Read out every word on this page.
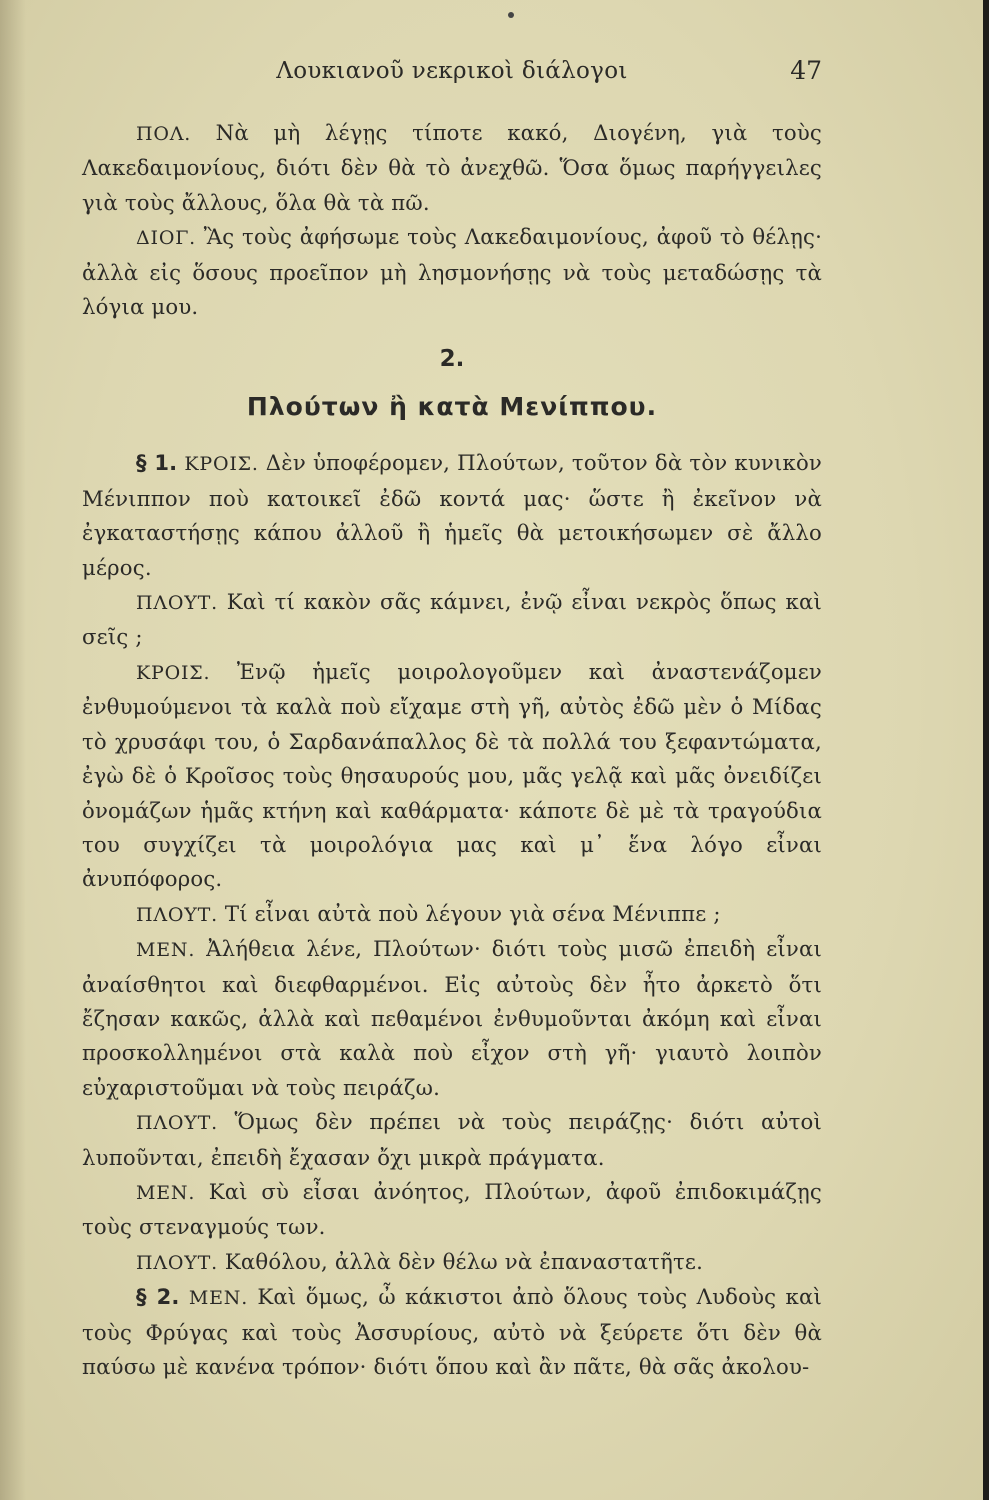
Λουκιανοῦ νεκρικοὶ διάλογοι	47

ΠΟΛ. Νὰ μὴ λέγῃς τίποτε κακό, Διογένη, γιὰ τοὺς Λακεδαιμονίους, διότι δὲν θὰ τὸ ἀνεχθῶ. Ὅσα ὅμως παρήγγειλες γιὰ τοὺς ἄλλους, ὅλα θὰ τὰ πῶ.

ΔΙΟΓ. Ἂς τοὺς ἀφήσωμε τοὺς Λακεδαιμονίους, ἀφοῦ τὸ θέλῃς· ἀλλὰ εἰς ὅσους προεῖπον μὴ λησμονήσῃς νὰ τοὺς μεταδώσῃς τὰ λόγια μου.

2.
Πλούτων ἢ κατὰ Μενίππου.

§ 1. ΚΡΟΙΣ. Δὲν ὑποφέρομεν, Πλούτων, τοῦτον δὰ τὸν κυνικὸν Μένιππον ποὺ κατοικεῖ ἐδῶ κοντά μας· ὥστε ἢ ἐκεῖνον νὰ ἐγκαταστήσῃς κάπου ἀλλοῦ ἢ ἡμεῖς θὰ μετοικήσωμεν σὲ ἄλλο μέρος.

ΠΛΟΥΤ. Καὶ τί κακὸν σᾶς κάμνει, ἐνῷ εἶναι νεκρὸς ὅπως καὶ σεῖς ;

ΚΡΟΙΣ. Ἐνῷ ἡμεῖς μοιρολογοῦμεν καὶ ἀναστενάζομεν ἐνθυμούμενοι τὰ καλὰ ποὺ εἴχαμε στὴ γῆ, αὐτὸς ἐδῶ μὲν ὁ Μίδας τὸ χρυσάφι του, ὁ Σαρδανάπαλλος δὲ τὰ πολλά του ξεφαντώματα, ἐγὼ δὲ ὁ Κροῖσος τοὺς θησαυρούς μου, μᾶς γελᾷ καὶ μᾶς ὀνειδίζει ὀνομάζων ἡμᾶς κτήνη καὶ καθάρματα· κάποτε δὲ μὲ τὰ τραγούδια του συγχίζει τὰ μοιρολόγια μας καὶ μ᾽ ἕνα λόγο εἶναι ἀνυπόφορος.

ΠΛΟΥΤ. Τί εἶναι αὐτὰ ποὺ λέγουν γιὰ σένα Μένιππε ;

ΜΕΝ. Ἀλήθεια λένε, Πλούτων· διότι τοὺς μισῶ ἐπειδὴ εἶναι ἀναίσθητοι καὶ διεφθαρμένοι. Εἰς αὐτοὺς δὲν ἦτο ἀρκετὸ ὅτι ἔζησαν κακῶς, ἀλλὰ καὶ πεθαμένοι ἐνθυμοῦνται ἀκόμη καὶ εἶναι προσκολλημένοι στὰ καλὰ ποὺ εἶχον στὴ γῆ· γιαυτὸ λοιπὸν εὐχαριστοῦμαι νὰ τοὺς πειράζω.

ΠΛΟΥΤ. Ὅμως δὲν πρέπει νὰ τοὺς πειράζῃς· διότι αὐτοὶ λυποῦνται, ἐπειδὴ ἔχασαν ὄχι μικρὰ πράγματα.

ΜΕΝ. Καὶ σὺ εἶσαι ἀνόητος, Πλούτων, ἀφοῦ ἐπιδοκιμάζῃς τοὺς στεναγμούς των.

ΠΛΟΥΤ. Καθόλου, ἀλλὰ δὲν θέλω νὰ ἐπαναστατῆτε.

§ 2. ΜΕΝ. Καὶ ὅμως, ὦ κάκιστοι ἀπὸ ὅλους τοὺς Λυδοὺς καὶ τοὺς Φρύγας καὶ τοὺς Ἀσσυρίους, αὐτὸ νὰ ξεύρετε ὅτι δὲν θὰ παύσω μὲ κανένα τρόπον· διότι ὅπου καὶ ἂν πᾶτε, θὰ σᾶς ἀκολου-
